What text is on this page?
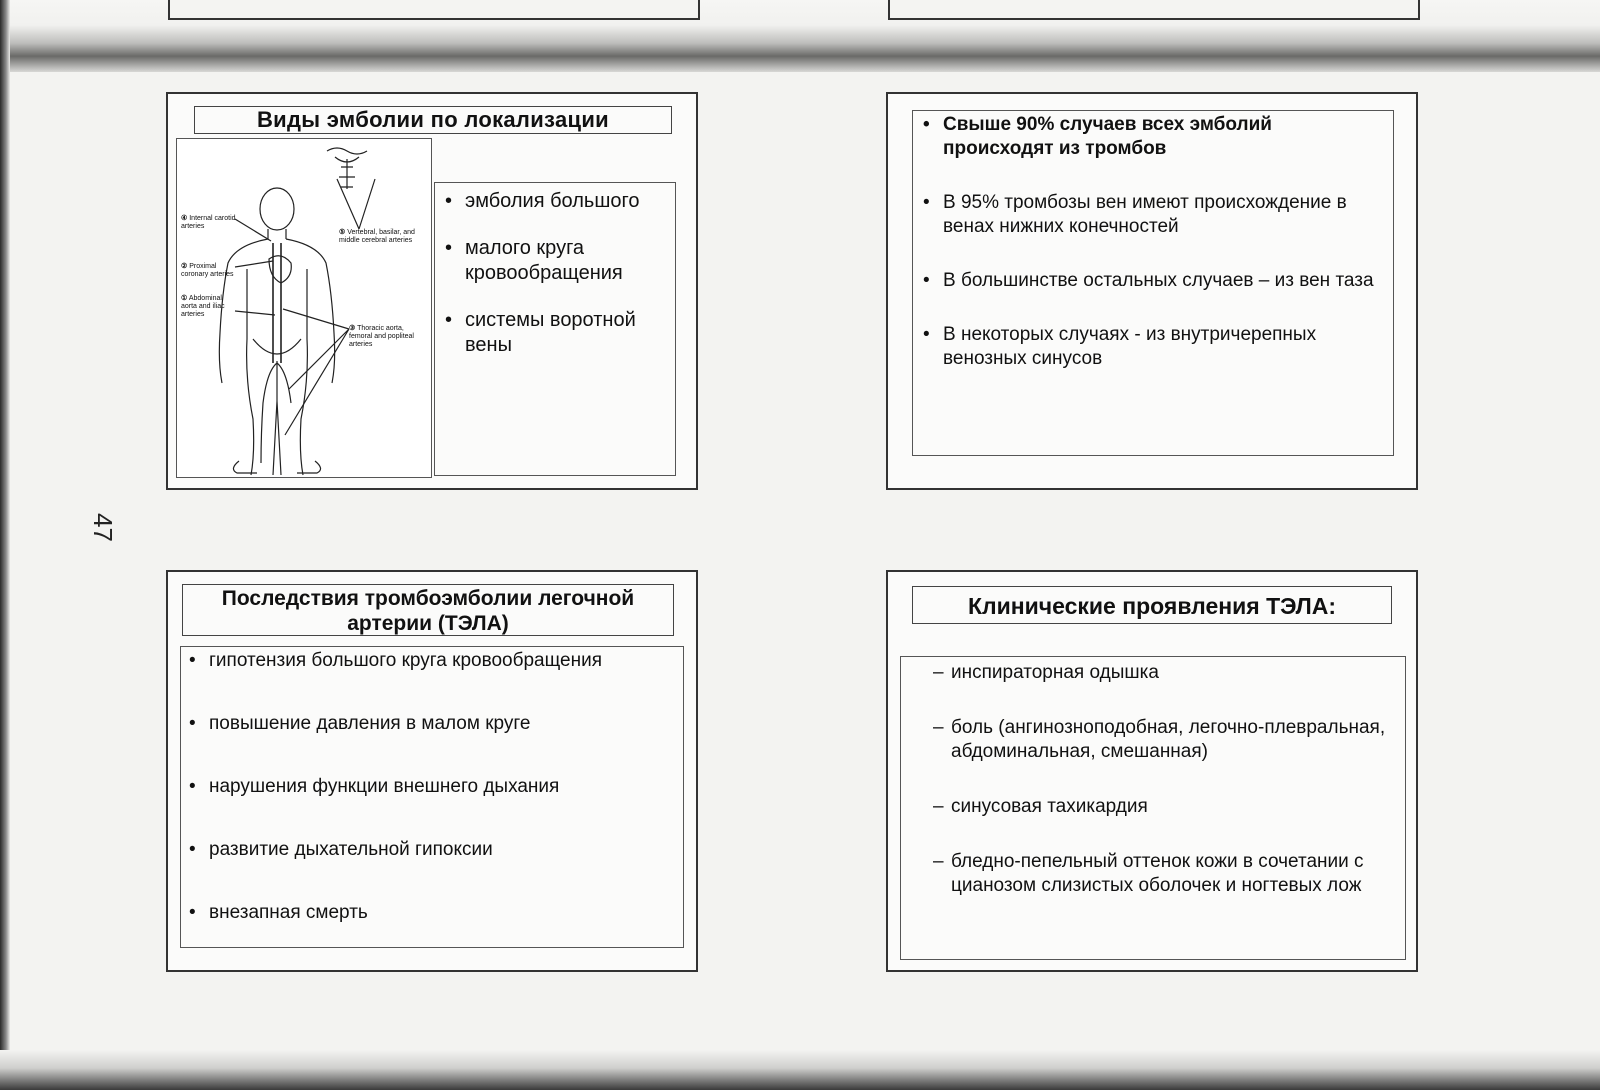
47
Виды эмболии по локализации
④ Internal carotid arteries
② Proximal coronary arteries
① Abdominal aorta and iliac arteries
⑤ Vertebral, basilar, and middle cerebral arteries
③ Thoracic aorta, femoral and popliteal arteries
• эмболия большого
• малого круга кровообращения
• системы воротной вены
• Свыше 90% случаев всех эмболий происходят из тромбов
• В 95% тромбозы вен имеют происхождение в венах нижних конечностей
• В большинстве остальных случаев – из вен таза
• В некоторых случаях - из внутричерепных венозных синусов
Последствия тромбоэмболии легочной
артерии (ТЭЛА)
• гипотензия большого круга кровообращения
• повышение давления в малом круге
• нарушения функции внешнего дыхания
• развитие дыхательной гипоксии
• внезапная смерть
Клинические проявления ТЭЛА:
– инспираторная одышка
– боль (ангинозноподобная, легочно-плевральная, абдоминальная, смешанная)
– синусовая тахикардия
– бледно-пепельный оттенок кожи в сочетании с цианозом слизистых оболочек и ногтевых лож
